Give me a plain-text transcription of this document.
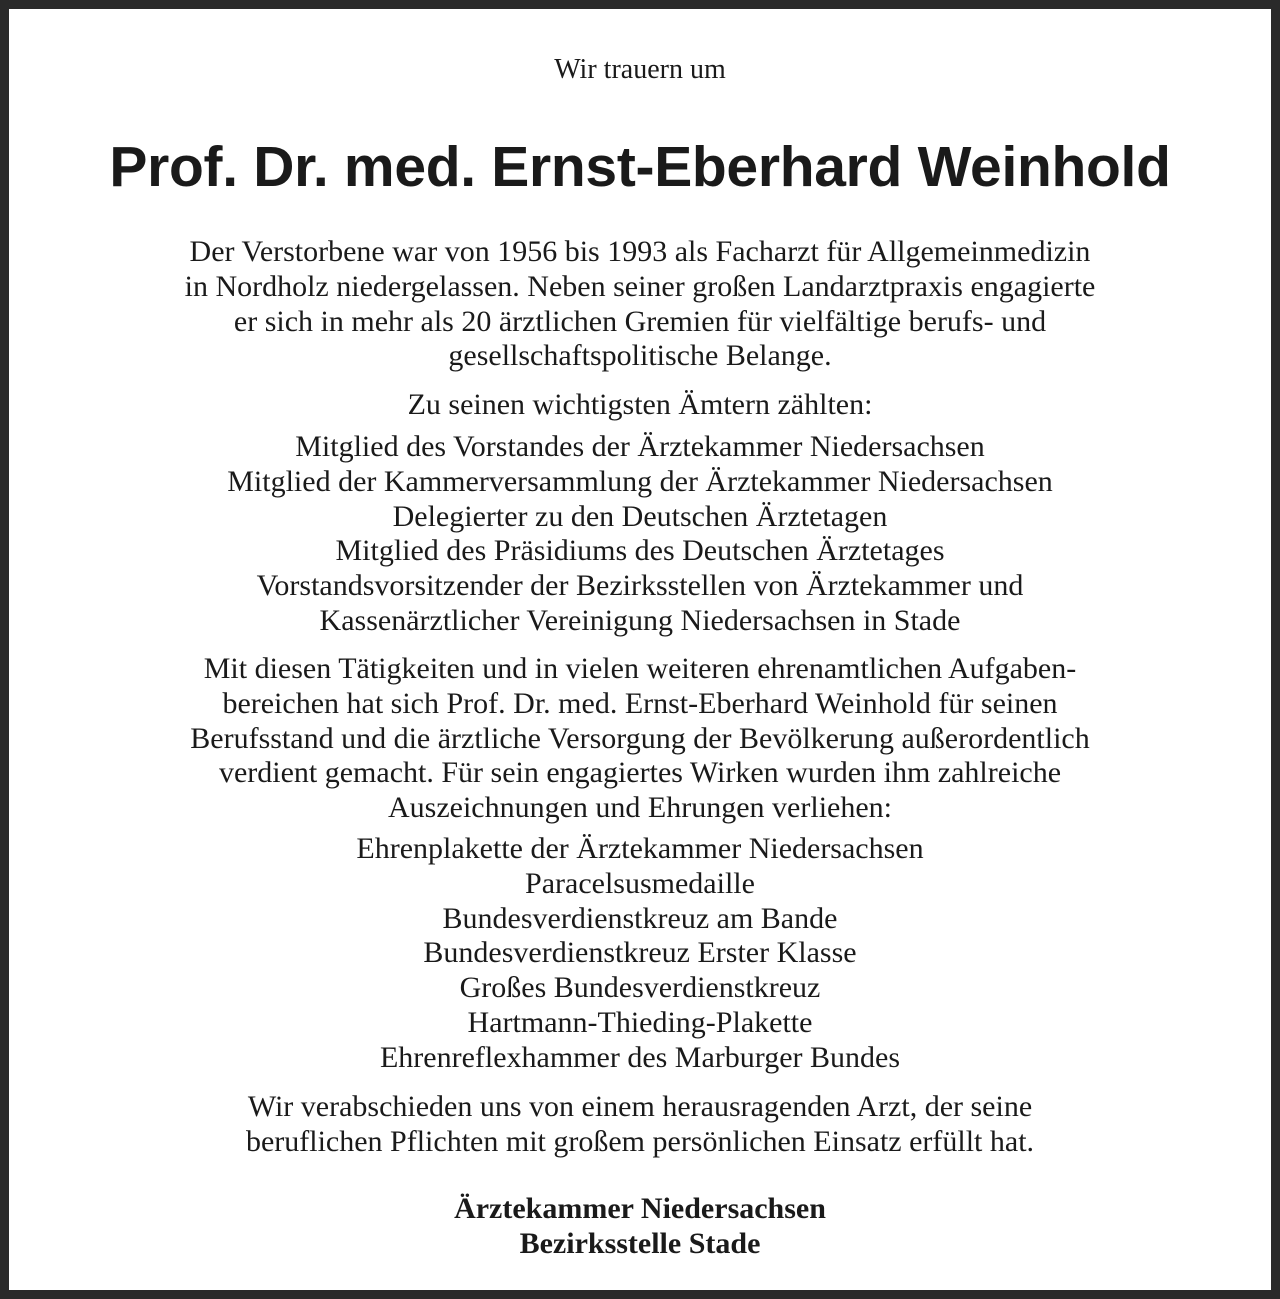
Wir trauern um

Prof. Dr. med. Ernst-Eberhard Weinhold
Der Verstorbene war von 1956 bis 1993 als Facharzt für Allgemeinmedizin
in Nordholz niedergelassen. Neben seiner großen Landarztpraxis engagierte
er sich in mehr als 20 ärztlichen Gremien für vielfältige berufs- und
gesellschaftspolitische Belange.
Zu seinen wichtigsten Ämtern zählten:
Mitglied des Vorstandes der Ärztekammer Niedersachsen
Mitglied der Kammerversammlung der Ärztekammer Niedersachsen
Delegierter zu den Deutschen Ärztetagen
Mitglied des Präsidiums des Deutschen Ärztetages
Vorstandsvorsitzender der Bezirksstellen von Ärztekammer und
Kassenärztlicher Vereinigung Niedersachsen in Stade
Mit diesen Tätigkeiten und in vielen weiteren ehrenamtlichen Aufgaben-
bereichen hat sich Prof. Dr. med. Ernst-Eberhard Weinhold für seinen
Berufsstand und die ärztliche Versorgung der Bevölkerung außerordentlich
verdient gemacht. Für sein engagiertes Wirken wurden ihm zahlreiche
Auszeichnungen und Ehrungen verliehen:
Ehrenplakette der Ärztekammer Niedersachsen
Paracelsusmedaille
Bundesverdienstkreuz am Bande
Bundesverdienstkreuz Erster Klasse
Großes Bundesverdienstkreuz
Hartmann-Thieding-Plakette
Ehrenreflexhammer des Marburger Bundes
Wir verabschieden uns von einem herausragenden Arzt, der seine
beruflichen Pflichten mit großem persönlichen Einsatz erfüllt hat.
Ärztekammer Niedersachsen
Bezirksstelle Stade
